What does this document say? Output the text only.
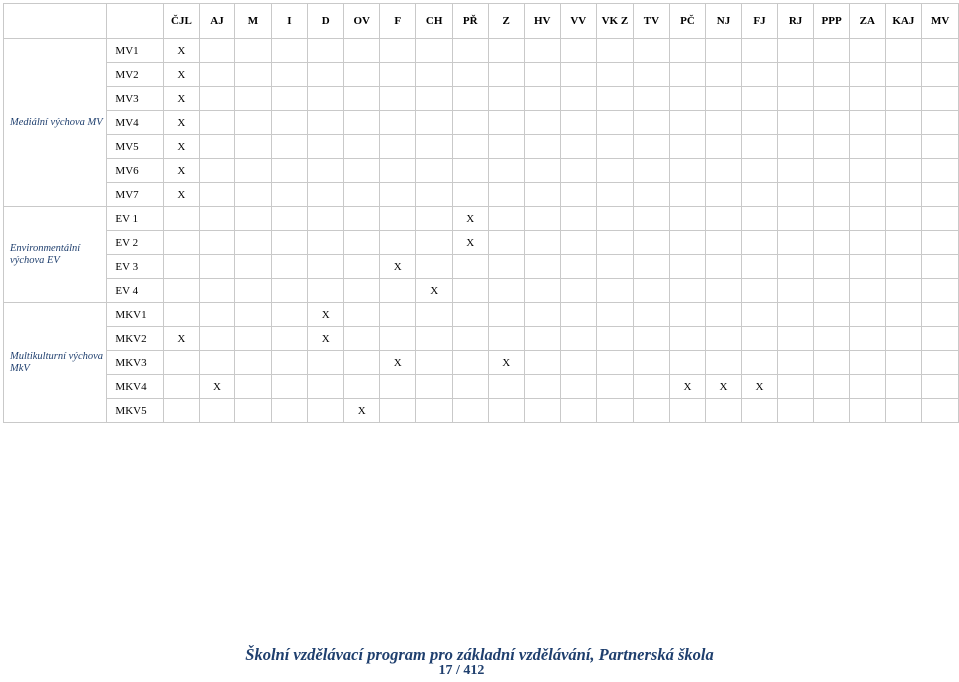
		ČJL	AJ	M	I	D	OV	F	CH	PŘ	Z	HV	VV	VK Z	TV	PČ	NJ	FJ	RJ	PPP	ZA	KAJ	MV
Mediální výchova MV	MV1	X																					
	MV2	X																					
	MV3	X																					
	MV4	X																					
	MV5	X																					
	MV6	X																					
	MV7	X																					
Environmentální výchova EV	EV 1									X													
	EV 2									X													
	EV 3							X															
	EV 4								X														
Multikulturní výchova MkV	MKV1					X																	
	MKV2	X				X																	
	MKV3							X			X												
	MKV4		X													X	X	X					
	MKV5						X																
Školní vzdělávací program pro základní vzdělávání, Partnerská škola
17 / 412
